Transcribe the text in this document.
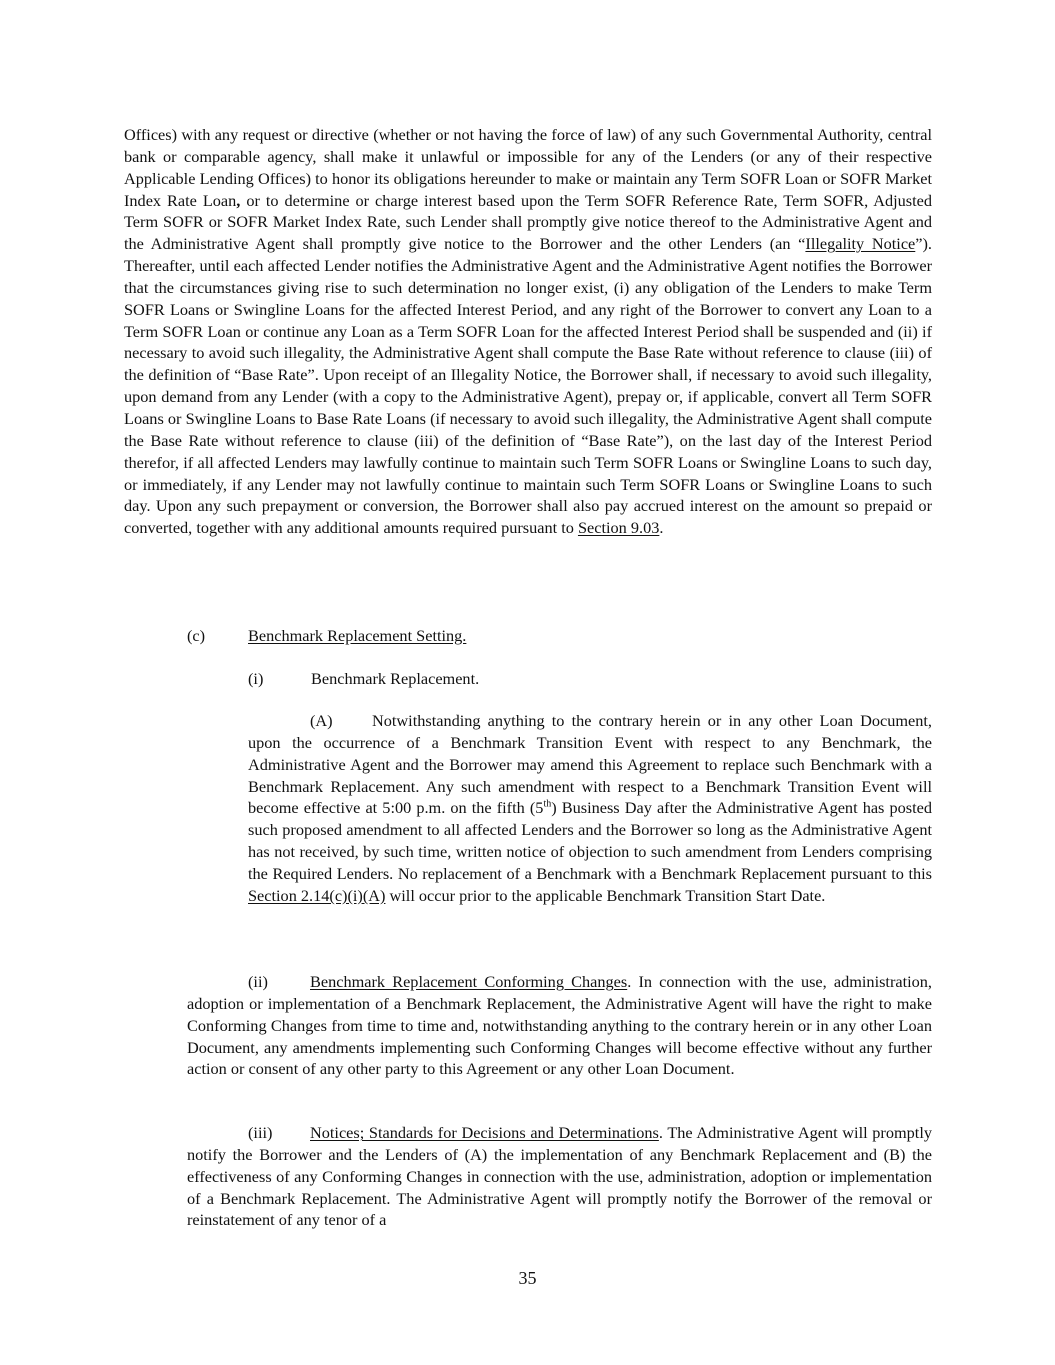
Offices) with any request or directive (whether or not having the force of law) of any such Governmental Authority, central bank or comparable agency, shall make it unlawful or impossible for any of the Lenders (or any of their respective Applicable Lending Offices) to honor its obligations hereunder to make or maintain any Term SOFR Loan or SOFR Market Index Rate Loan, or to determine or charge interest based upon the Term SOFR Reference Rate, Term SOFR, Adjusted Term SOFR or SOFR Market Index Rate, such Lender shall promptly give notice thereof to the Administrative Agent and the Administrative Agent shall promptly give notice to the Borrower and the other Lenders (an “Illegality Notice”). Thereafter, until each affected Lender notifies the Administrative Agent and the Administrative Agent notifies the Borrower that the circumstances giving rise to such determination no longer exist, (i) any obligation of the Lenders to make Term SOFR Loans or Swingline Loans for the affected Interest Period, and any right of the Borrower to convert any Loan to a Term SOFR Loan or continue any Loan as a Term SOFR Loan for the affected Interest Period shall be suspended and (ii) if necessary to avoid such illegality, the Administrative Agent shall compute the Base Rate without reference to clause (iii) of the definition of “Base Rate”. Upon receipt of an Illegality Notice, the Borrower shall, if necessary to avoid such illegality, upon demand from any Lender (with a copy to the Administrative Agent), prepay or, if applicable, convert all Term SOFR Loans or Swingline Loans to Base Rate Loans (if necessary to avoid such illegality, the Administrative Agent shall compute the Base Rate without reference to clause (iii) of the definition of “Base Rate”), on the last day of the Interest Period therefor, if all affected Lenders may lawfully continue to maintain such Term SOFR Loans or Swingline Loans to such day, or immediately, if any Lender may not lawfully continue to maintain such Term SOFR Loans or Swingline Loans to such day. Upon any such prepayment or conversion, the Borrower shall also pay accrued interest on the amount so prepaid or converted, together with any additional amounts required pursuant to Section 9.03.

(c)	Benchmark Replacement Setting.
(i)	Benchmark Replacement.

(A) Notwithstanding anything to the contrary herein or in any other Loan Document, upon the occurrence of a Benchmark Transition Event with respect to any Benchmark, the Administrative Agent and the Borrower may amend this Agreement to replace such Benchmark with a Benchmark Replacement. Any such amendment with respect to a Benchmark Transition Event will become effective at 5:00 p.m. on the fifth (5th) Business Day after the Administrative Agent has posted such proposed amendment to all affected Lenders and the Borrower so long as the Administrative Agent has not received, by such time, written notice of objection to such amendment from Lenders comprising the Required Lenders. No replacement of a Benchmark with a Benchmark Replacement pursuant to this Section 2.14(c)(i)(A) will occur prior to the applicable Benchmark Transition Start Date.

(ii)	Benchmark Replacement Conforming Changes. In connection with the use, administration, adoption or implementation of a Benchmark Replacement, the Administrative Agent will have the right to make Conforming Changes from time to time and, notwithstanding anything to the contrary herein or in any other Loan Document, any amendments implementing such Conforming Changes will become effective without any further action or consent of any other party to this Agreement or any other Loan Document.

(iii) Notices; Standards for Decisions and Determinations. The Administrative Agent will promptly notify the Borrower and the Lenders of (A) the implementation of any Benchmark Replacement and (B) the effectiveness of any Conforming Changes in connection with the use, administration, adoption or implementation of a Benchmark Replacement. The Administrative Agent will promptly notify the Borrower of the removal or reinstatement of any tenor of a

35
